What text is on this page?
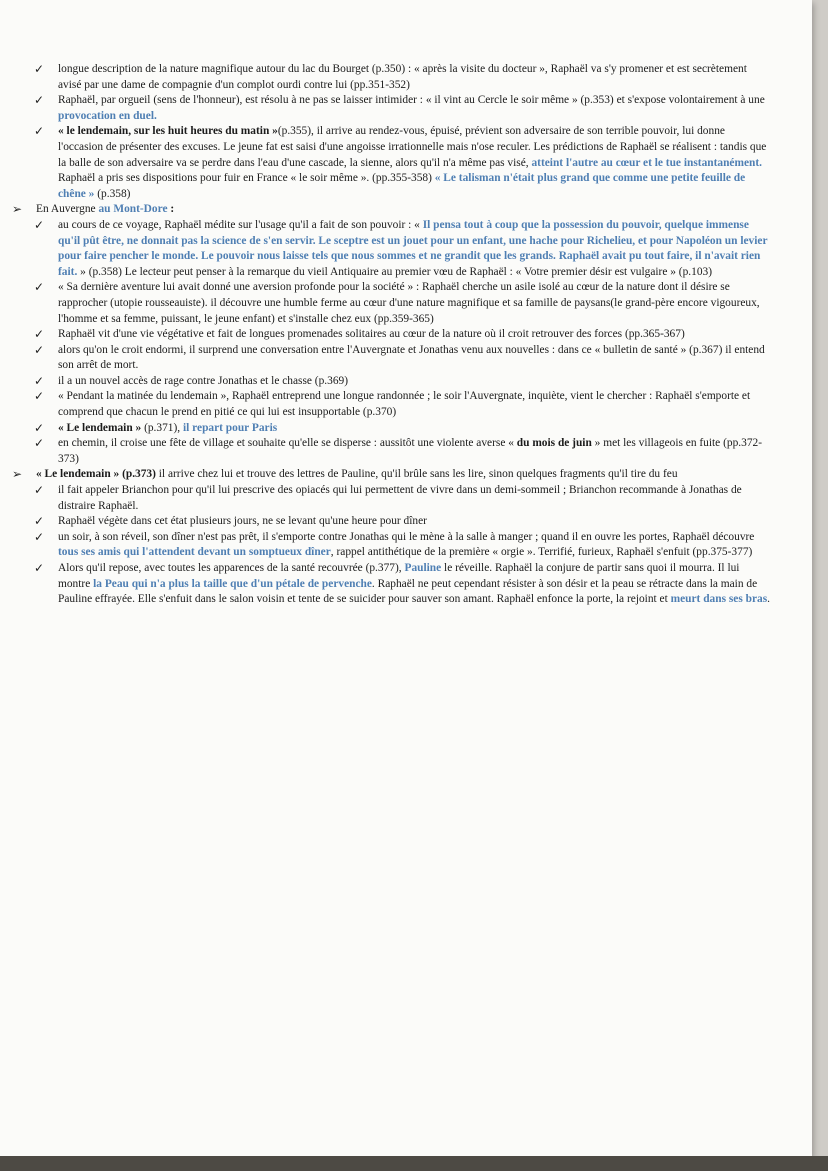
✓ longue description de la nature magnifique autour du lac du Bourget (p.350) : « après la visite du docteur », Raphaël va s'y promener et est secrètement avisé par une dame de compagnie d'un complot ourdi contre lui (pp.351-352)
✓ Raphaël, par orgueil (sens de l'honneur), est résolu à ne pas se laisser intimider : « il vint au Cercle le soir même » (p.353) et s'expose volontairement à une provocation en duel.
✓ « le lendemain, sur les huit heures du matin »(p.355), il arrive au rendez-vous, épuisé, prévient son adversaire de son terrible pouvoir, lui donne l'occasion de présenter des excuses. Le jeune fat est saisi d'une angoisse irrationnelle mais n'ose reculer. Les prédictions de Raphaël se réalisent : tandis que la balle de son adversaire va se perdre dans l'eau d'une cascade, la sienne, alors qu'il n'a même pas visé, atteint l'autre au cœur et le tue instantanément. Raphaël a pris ses dispositions pour fuir en France « le soir même ». (pp.355-358) « Le talisman n'était plus grand que comme une petite feuille de chêne » (p.358)
➢ En Auvergne au Mont-Dore :
✓ au cours de ce voyage, Raphaël médite sur l'usage qu'il a fait de son pouvoir : « Il pensa tout à coup que la possession du pouvoir, quelque immense qu'il pût être, ne donnait pas la science de s'en servir. Le sceptre est un jouet pour un enfant, une hache pour Richelieu, et pour Napoléon un levier pour faire pencher le monde. Le pouvoir nous laisse tels que nous sommes et ne grandit que les grands. Raphaël avait pu tout faire, il n'avait rien fait. » (p.358) Le lecteur peut penser à la remarque du vieil Antiquaire au premier vœu de Raphaël : « Votre premier désir est vulgaire » (p.103)
✓ « Sa dernière aventure lui avait donné une aversion profonde pour la société » : Raphaël cherche un asile isolé au cœur de la nature dont il désire se rapprocher (utopie rousseauiste). il découvre une humble ferme au cœur d'une nature magnifique et sa famille de paysans(le grand-père encore vigoureux, l'homme et sa femme, puissant, le jeune enfant) et s'installe chez eux (pp.359-365)
✓ Raphaël vit d'une vie végétative et fait de longues promenades solitaires au cœur de la nature où il croit retrouver des forces (pp.365-367)
✓ alors qu'on le croit endormi, il surprend une conversation entre l'Auvergnate et Jonathas venu aux nouvelles : dans ce « bulletin de santé » (p.367) il entend son arrêt de mort.
✓ il a un nouvel accès de rage contre Jonathas et le chasse (p.369)
✓ « Pendant la matinée du lendemain », Raphaël entreprend une longue randonnée ; le soir l'Auvergnate, inquiète, vient le chercher : Raphaël s'emporte et comprend que chacun le prend en pitié ce qui lui est insupportable (p.370)
✓ « Le lendemain » (p.371), il repart pour Paris
✓ en chemin, il croise une fête de village et souhaite qu'elle se disperse : aussitôt une violente averse « du mois de juin » met les villageois en fuite (pp.372-373)
➢ « Le lendemain » (p.373) il arrive chez lui et trouve des lettres de Pauline, qu'il brûle sans les lire, sinon quelques fragments qu'il tire du feu
✓ il fait appeler Brianchon pour qu'il lui prescrive des opiacés qui lui permettent de vivre dans un demi-sommeil ; Brianchon recommande à Jonathas de distraire Raphaël.
✓ Raphaël végète dans cet état plusieurs jours, ne se levant qu'une heure pour dîner
✓ un soir, à son réveil, son dîner n'est pas prêt, il s'emporte contre Jonathas qui le mène à la salle à manger ; quand il en ouvre les portes, Raphaël découvre tous ses amis qui l'attendent devant un somptueux dîner, rappel antithétique de la première « orgie ». Terrifié, furieux, Raphaël s'enfuit (pp.375-377)
✓ Alors qu'il repose, avec toutes les apparences de la santé recouvrée (p.377), Pauline le réveille. Raphaël la conjure de partir sans quoi il mourra. Il lui montre la Peau qui n'a plus la taille que d'un pétale de pervenche. Raphaël ne peut cependant résister à son désir et la peau se rétracte dans la main de Pauline effrayée. Elle s'enfuit dans le salon voisin et tente de se suicider pour sauver son amant. Raphaël enfonce la porte, la rejoint et meurt dans ses bras.
